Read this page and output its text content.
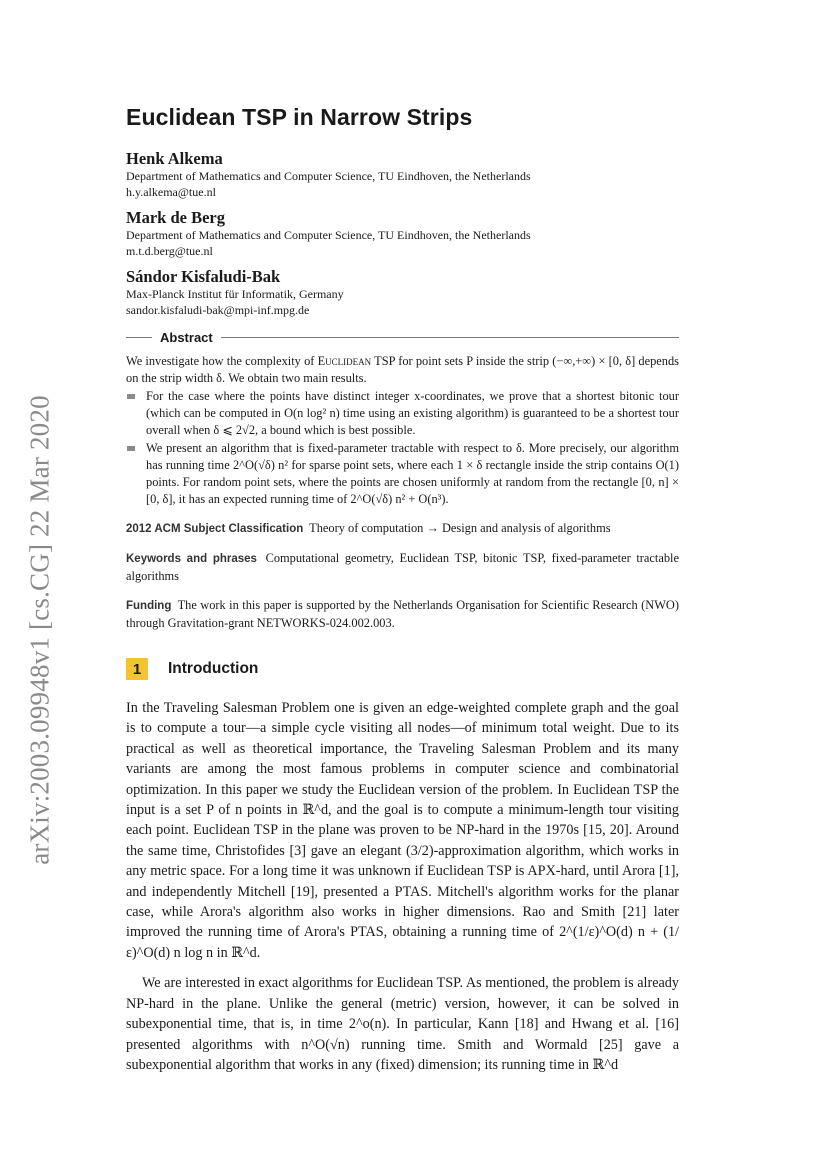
arXiv:2003.09948v1 [cs.CG] 22 Mar 2020
Euclidean TSP in Narrow Strips
Henk Alkema
Department of Mathematics and Computer Science, TU Eindhoven, the Netherlands
h.y.alkema@tue.nl
Mark de Berg
Department of Mathematics and Computer Science, TU Eindhoven, the Netherlands
m.t.d.berg@tue.nl
Sándor Kisfaludi-Bak
Max-Planck Institut für Informatik, Germany
sandor.kisfaludi-bak@mpi-inf.mpg.de
Abstract
We investigate how the complexity of Euclidean TSP for point sets P inside the strip (−∞,+∞) × [0, δ] depends on the strip width δ. We obtain two main results.
For the case where the points have distinct integer x-coordinates, we prove that a shortest bitonic tour (which can be computed in O(n log² n) time using an existing algorithm) is guaranteed to be a shortest tour overall when δ ⩽ 2√2, a bound which is best possible.
We present an algorithm that is fixed-parameter tractable with respect to δ. More precisely, our algorithm has running time 2^O(√δ) n² for sparse point sets, where each 1 × δ rectangle inside the strip contains O(1) points. For random point sets, where the points are chosen uniformly at random from the rectangle [0, n] × [0, δ], it has an expected running time of 2^O(√δ) n² + O(n³).
2012 ACM Subject Classification Theory of computation → Design and analysis of algorithms
Keywords and phrases Computational geometry, Euclidean TSP, bitonic TSP, fixed-parameter tractable algorithms
Funding The work in this paper is supported by the Netherlands Organisation for Scientific Research (NWO) through Gravitation-grant NETWORKS-024.002.003.
1	Introduction

In the Traveling Salesman Problem one is given an edge-weighted complete graph and the goal is to compute a tour—a simple cycle visiting all nodes—of minimum total weight. Due to its practical as well as theoretical importance, the Traveling Salesman Problem and its many variants are among the most famous problems in computer science and combinatorial optimization. In this paper we study the Euclidean version of the problem. In Euclidean TSP the input is a set P of n points in ℝ^d, and the goal is to compute a minimum-length tour visiting each point. Euclidean TSP in the plane was proven to be NP-hard in the 1970s [15, 20]. Around the same time, Christofides [3] gave an elegant (3/2)-approximation algorithm, which works in any metric space. For a long time it was unknown if Euclidean TSP is APX-hard, until Arora [1], and independently Mitchell [19], presented a PTAS. Mitchell's algorithm works for the planar case, while Arora's algorithm also works in higher dimensions. Rao and Smith [21] later improved the running time of Arora's PTAS, obtaining a running time of 2^(1/ε)^O(d) n + (1/ε)^O(d) n log n in ℝ^d.

We are interested in exact algorithms for Euclidean TSP. As mentioned, the problem is already NP-hard in the plane. Unlike the general (metric) version, however, it can be solved in subexponential time, that is, in time 2^o(n). In particular, Kann [18] and Hwang et al. [16] presented algorithms with n^O(√n) running time. Smith and Wormald [25] gave a subexponential algorithm that works in any (fixed) dimension; its running time in ℝ^d
